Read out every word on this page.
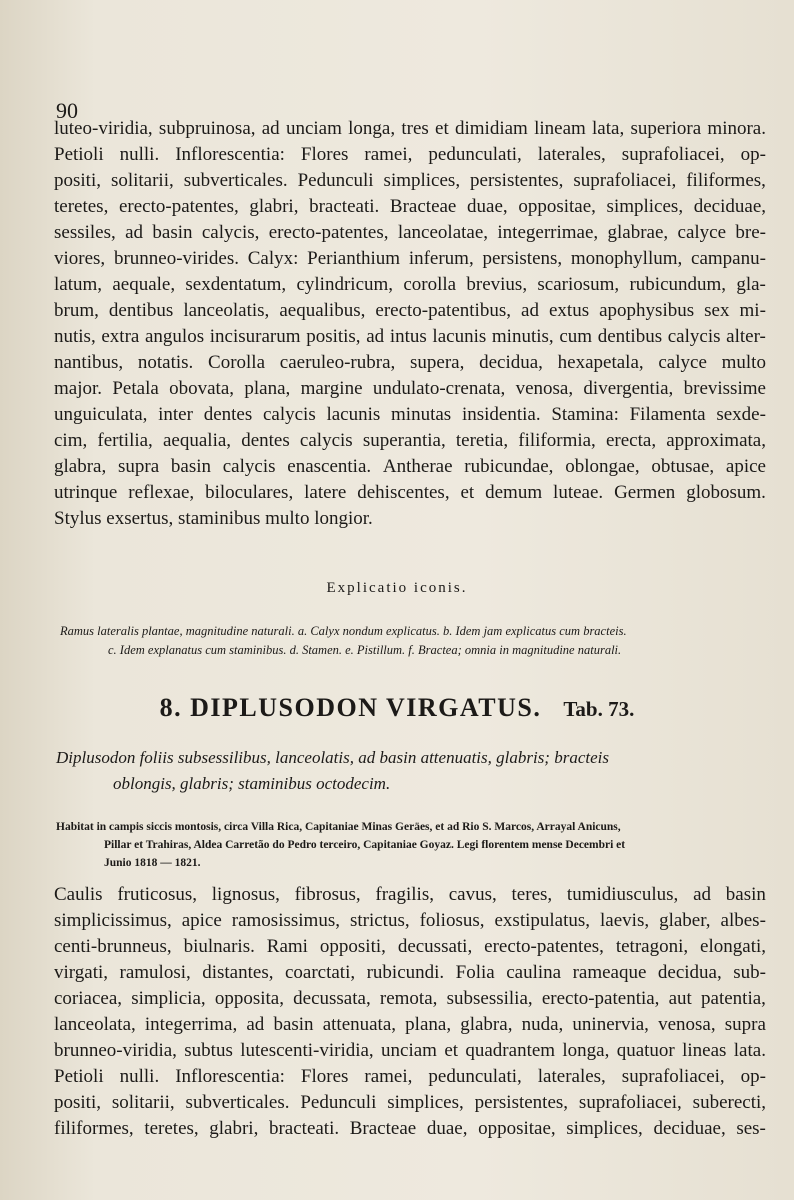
90
luteo-viridia, subpruinosa, ad unciam longa, tres et dimidiam lineam lata, superiora minora.
Petioli nulli. Inflorescentia: Flores ramei, pedunculati, laterales, suprafoliacei, op-
positi, solitarii, subverticales. Pedunculi simplices, persistentes, suprafoliacei, filiformes,
teretes, erecto-patentes, glabri, bracteati. Bracteae duae, oppositae, simplices, deciduae,
sessiles, ad basin calycis, erecto-patentes, lanceolatae, integerrimae, glabrae, calyce bre-
viores, brunneo-virides. Calyx: Perianthium inferum, persistens, monophyllum, campanu-
latum, aequale, sexdentatum, cylindricum, corolla brevius, scariosum, rubicundum, gla-
brum, dentibus lanceolatis, aequalibus, erecto-patentibus, ad extus apophysibus sex mi-
nutis, extra angulos incisurarum positis, ad intus lacunis minutis, cum dentibus calycis alter-
nantibus, notatis. Corolla caeruleo-rubra, supera, decidua, hexapetala, calyce multo
major. Petala obovata, plana, margine undulato-crenata, venosa, divergentia, brevissime
unguiculata, inter dentes calycis lacunis minutas insidentia. Stamina: Filamenta sexde-
cim, fertilia, aequalia, dentes calycis superantia, teretia, filiformia, erecta, approximata,
glabra, supra basin calycis enascentia. Antherae rubicundae, oblongae, obtusae, apice
utrinque reflexae, biloculares, latere dehiscentes, et demum luteae. Germen globosum.
Stylus exsertus, staminibus multo longior.
Explicatio iconis.
Ramus lateralis plantae, magnitudine naturali. a. Calyx nondum explicatus. b. Idem jam explicatus cum bracteis.
c. Idem explanatus cum staminibus. d. Stamen. e. Pistillum. f. Bractea; omnia in magnitudine naturali.
8. DIPLUSODON VIRGATUS. Tab. 73.
Diplusodon foliis subsessilibus, lanceolatis, ad basin attenuatis, glabris; bracteis
oblongis, glabris; staminibus octodecim.
Habitat in campis siccis montosis, circa Villa Rica, Capitaniae Minas Geräes, et ad Rio S. Marcos, Arrayal Anicuns,
Pillar et Trahiras, Aldea Carretão do Pedro terceiro, Capitaniae Goyaz. Legi florentem mense Decembri et
Junio 1818 — 1821.
Caulis fruticosus, lignosus, fibrosus, fragilis, cavus, teres, tumidiusculus, ad basin
simplicissimus, apice ramosissimus, strictus, foliosus, exstipulatus, laevis, glaber, albes-
centi-brunneus, biulnaris. Rami oppositi, decussati, erecto-patentes, tetragoni, elongati,
virgati, ramulosi, distantes, coarctati, rubicundi. Folia caulina rameaque decidua, sub-
coriacea, simplicia, opposita, decussata, remota, subsessilia, erecto-patentia, aut patentia,
lanceolata, integerrima, ad basin attenuata, plana, glabra, nuda, uninervia, venosa, supra
brunneo-viridia, subtus lutescenti-viridia, unciam et quadrantem longa, quatuor lineas lata.
Petioli nulli. Inflorescentia: Flores ramei, pedunculati, laterales, suprafoliacei, op-
positi, solitarii, subverticales. Pedunculi simplices, persistentes, suprafoliacei, suberecti,
filiformes, teretes, glabri, bracteati. Bracteae duae, oppositae, simplices, deciduae, ses-
